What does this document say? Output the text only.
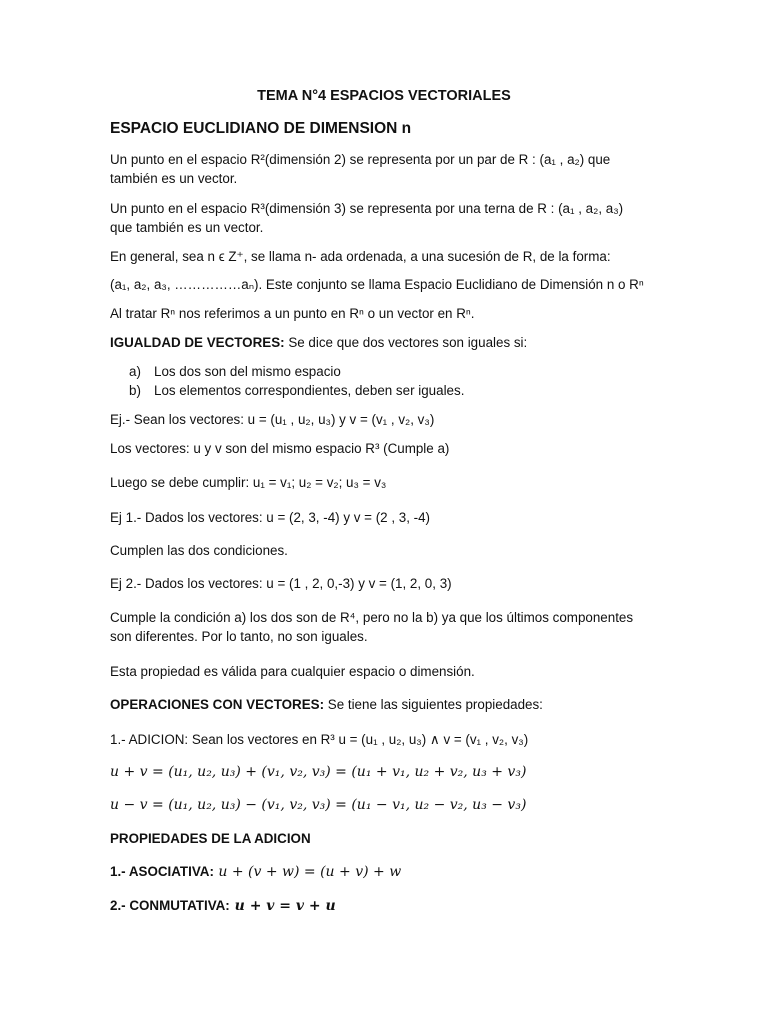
TEMA N°4 ESPACIOS VECTORIALES
ESPACIO EUCLIDIANO DE DIMENSION n
Un punto en el espacio R²(dimensión 2) se representa por un par de R : (a₁ , a₂) que
también es un vector.
Un punto en el espacio R³(dimensión 3) se representa por una terna de R : (a₁ , a₂, a₃)
que también es un vector.
En general, sea n ϵ Z⁺, se llama n- ada ordenada, a una sucesión de R, de la forma:
(a₁, a₂, a₃, ……………aₙ). Este conjunto se llama Espacio Euclidiano de Dimensión n o Rⁿ
Al tratar Rⁿ nos referimos a un punto en Rⁿ o un vector en Rⁿ.
IGUALDAD DE VECTORES: Se dice que dos vectores son iguales si:
a) Los dos son del mismo espacio
b) Los elementos correspondientes, deben ser iguales.
Ej.- Sean los vectores: u = (u₁ , u₂, u₃) y v = (v₁ , v₂, v₃)
Los vectores: u y v son del mismo espacio R³ (Cumple a)
Luego se debe cumplir: u₁ = v₁; u₂ = v₂; u₃ = v₃
Ej 1.- Dados los vectores: u = (2, 3, -4) y v = (2 , 3, -4)
Cumplen las dos condiciones.
Ej 2.- Dados los vectores: u = (1 , 2, 0,-3) y v = (1, 2, 0, 3)
Cumple la condición a) los dos son de R⁴, pero no la b) ya que los últimos componentes
son diferentes. Por lo tanto, no son iguales.
Esta propiedad es válida para cualquier espacio o dimensión.
OPERACIONES CON VECTORES: Se tiene las siguientes propiedades:
1.- ADICION: Sean los vectores en R³ u = (u₁ , u₂, u₃) ∧ v = (v₁ , v₂, v₃)
u + v = (u₁, u₂, u₃) + (v₁, v₂, v₃) = (u₁ + v₁, u₂ + v₂, u₃ + v₃)
u − v = (u₁, u₂, u₃) − (v₁, v₂, v₃) = (u₁ − v₁, u₂ − v₂, u₃ − v₃)
PROPIEDADES DE LA ADICION
1.- ASOCIATIVA: u + (v + w) = (u + v) + w
2.- CONMUTATIVA: u + v = v + u
